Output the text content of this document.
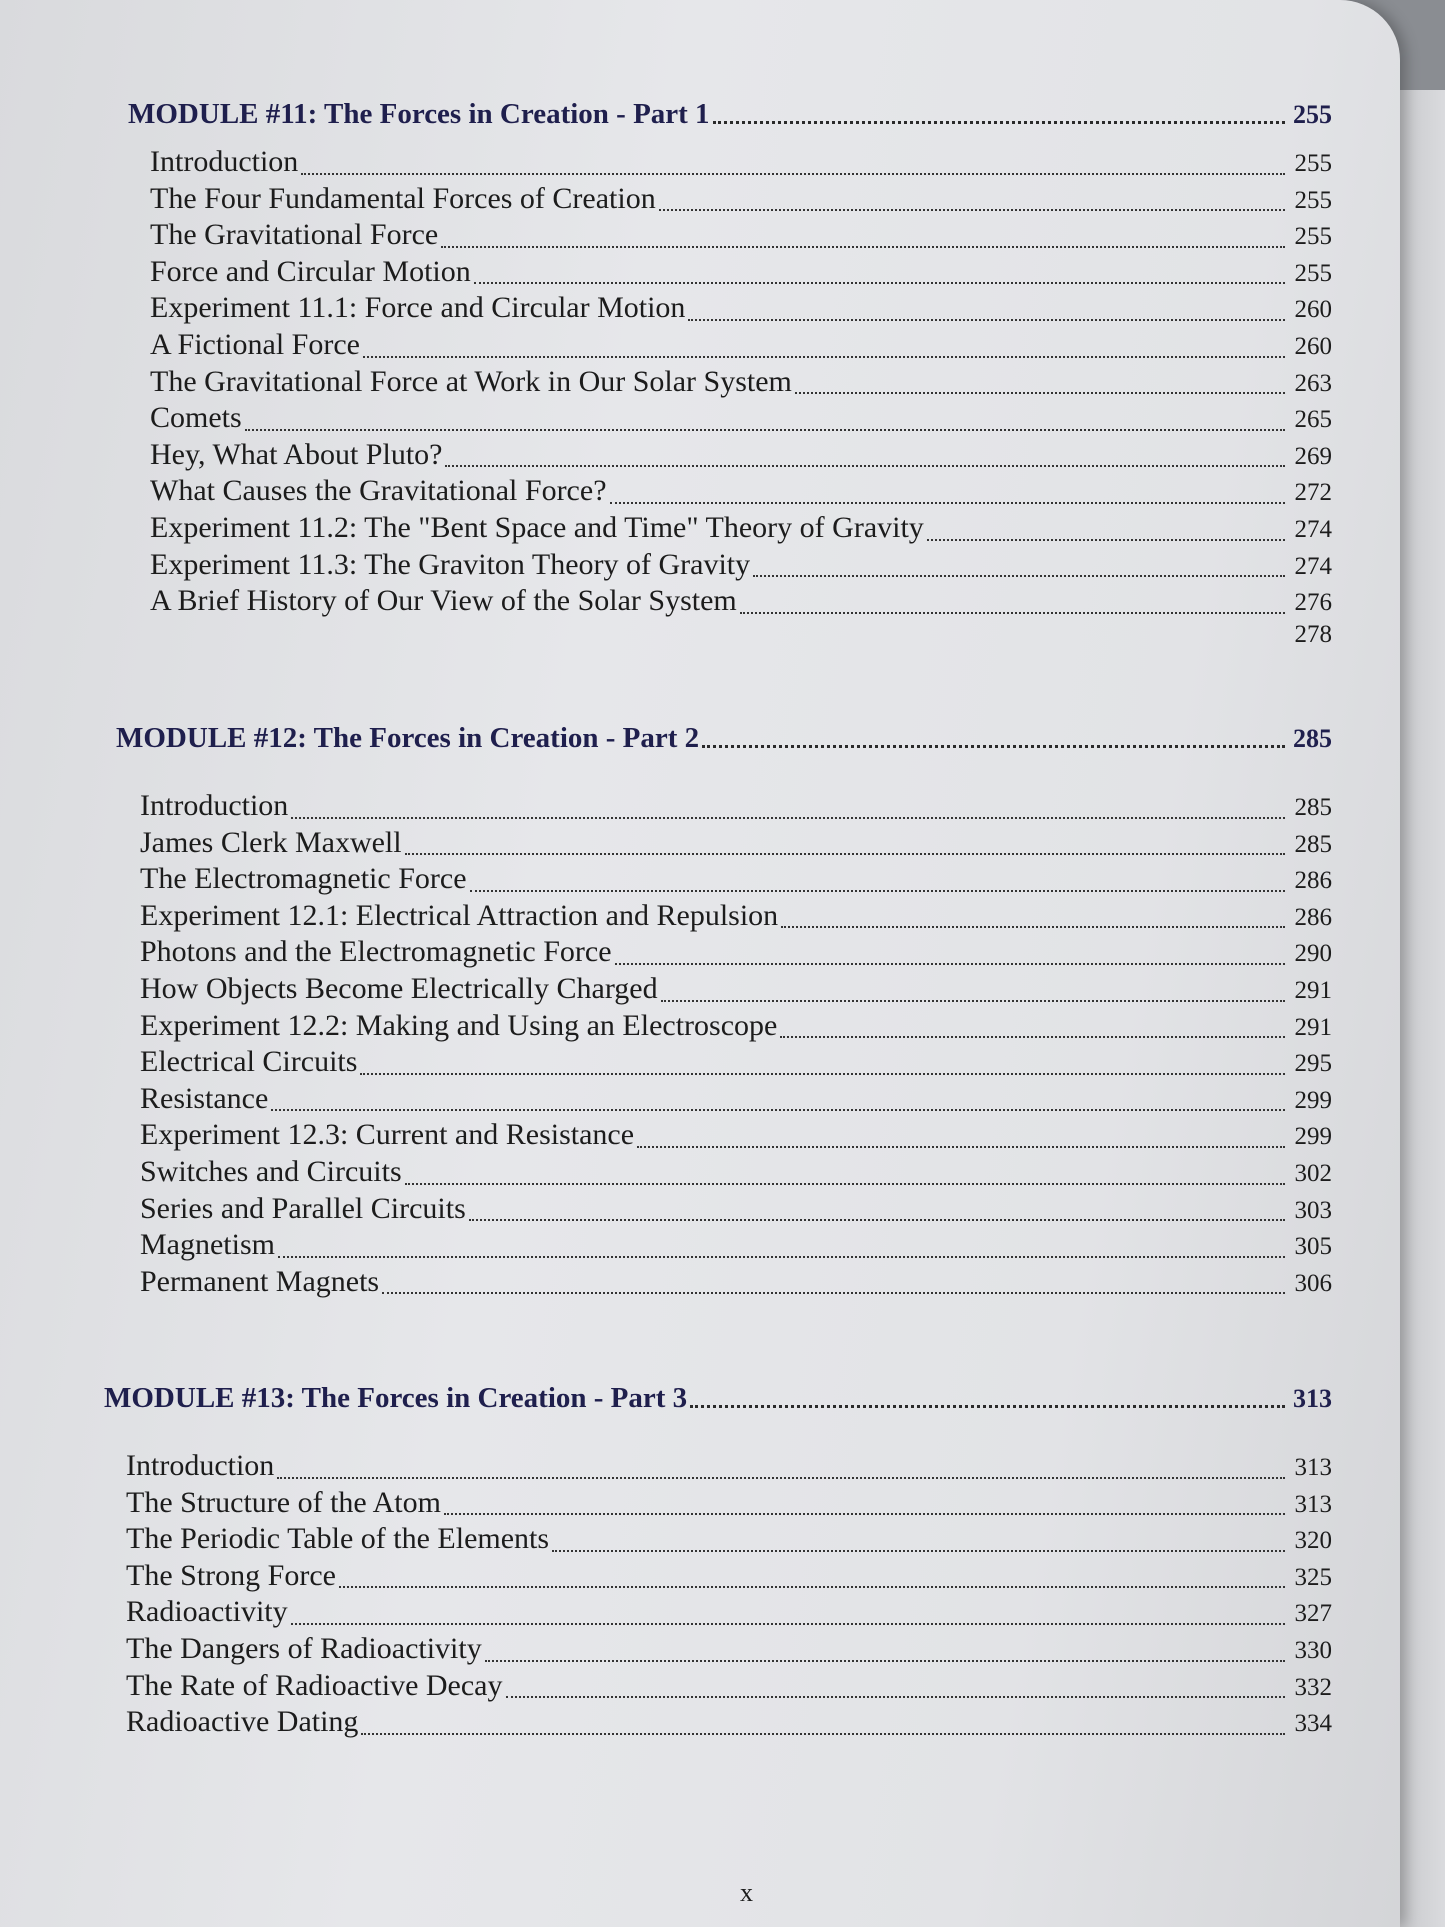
MODULE #11: The Forces in Creation - Part 1	255
Introduction	255
The Four Fundamental Forces of Creation	255
The Gravitational Force	255
Force and Circular Motion	255
Experiment 11.1: Force and Circular Motion	260
A Fictional Force	260
The Gravitational Force at Work in Our Solar System	263
Comets	265
Hey, What About Pluto?	269
What Causes the Gravitational Force?	272
Experiment 11.2: The "Bent Space and Time" Theory of Gravity	274
Experiment 11.3: The Graviton Theory of Gravity	274
A Brief History of Our View of the Solar System	276
278
MODULE #12: The Forces in Creation - Part 2	285
Introduction	285
James Clerk Maxwell	285
The Electromagnetic Force	286
Experiment 12.1: Electrical Attraction and Repulsion	286
Photons and the Electromagnetic Force	290
How Objects Become Electrically Charged	291
Experiment 12.2: Making and Using an Electroscope	291
Electrical Circuits	295
Resistance	299
Experiment 12.3: Current and Resistance	299
Switches and Circuits	302
Series and Parallel Circuits	303
Magnetism	305
Permanent Magnets	306
MODULE #13: The Forces in Creation - Part 3	313
Introduction	313
The Structure of the Atom	313
The Periodic Table of the Elements	320
The Strong Force	325
Radioactivity	327
The Dangers of Radioactivity	330
The Rate of Radioactive Decay	332
Radioactive Dating	334
x
